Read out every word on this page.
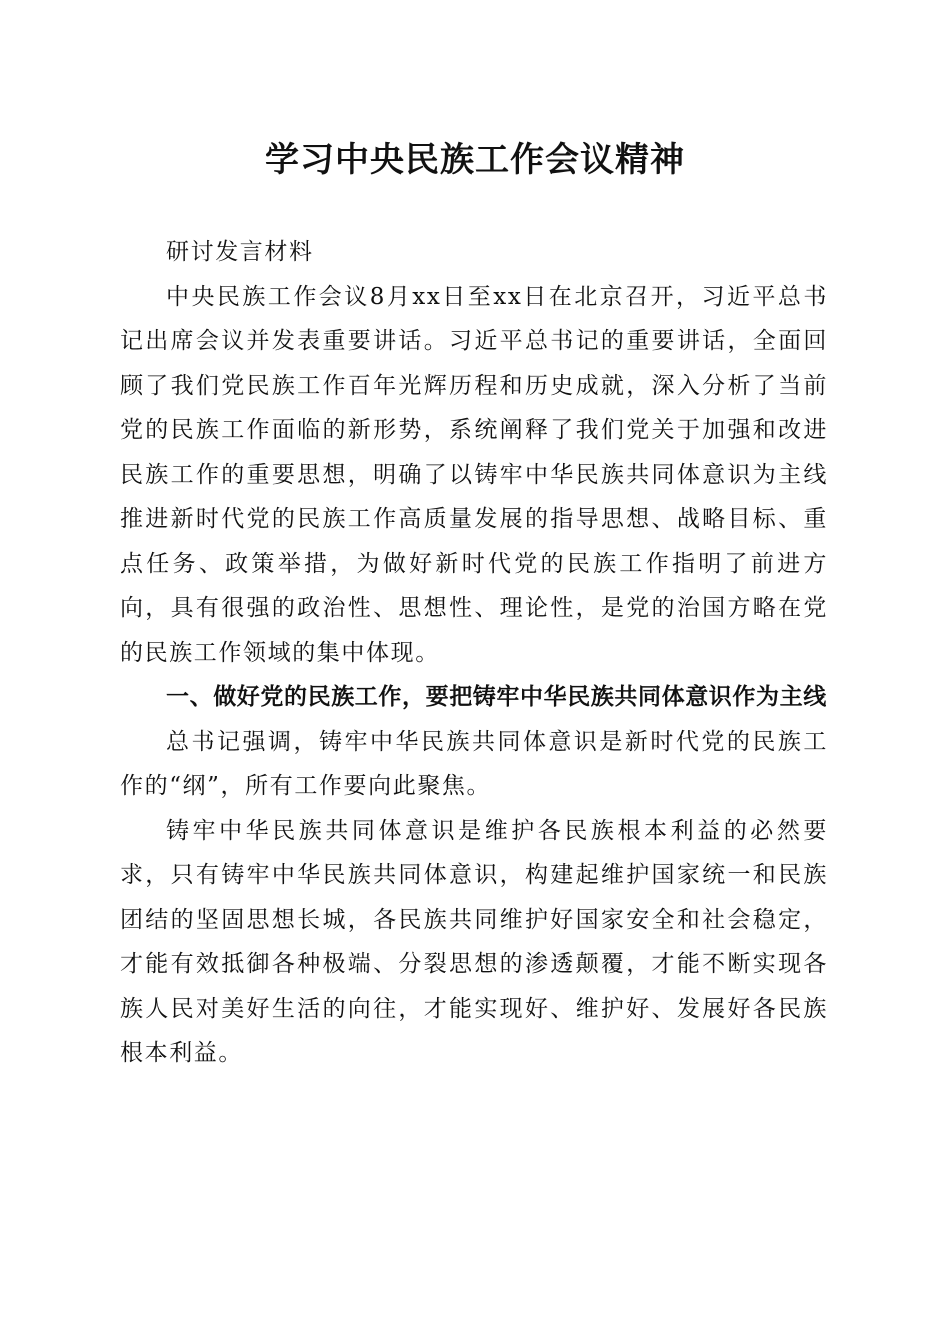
学习中央民族工作会议精神

研讨发言材料

中央民族工作会议8月xx日至xx日在北京召开，习近平总书记出席会议并发表重要讲话。习近平总书记的重要讲话，全面回顾了我们党民族工作百年光辉历程和历史成就，深入分析了当前党的民族工作面临的新形势，系统阐释了我们党关于加强和改进民族工作的重要思想，明确了以铸牢中华民族共同体意识为主线推进新时代党的民族工作高质量发展的指导思想、战略目标、重点任务、政策举措，为做好新时代党的民族工作指明了前进方向，具有很强的政治性、思想性、理论性，是党的治国方略在党的民族工作领域的集中体现。

一、做好党的民族工作，要把铸牢中华民族共同体意识作为主线

总书记强调，铸牢中华民族共同体意识是新时代党的民族工作的“纲”，所有工作要向此聚焦。

铸牢中华民族共同体意识是维护各民族根本利益的必然要求，只有铸牢中华民族共同体意识，构建起维护国家统一和民族团结的坚固思想长城，各民族共同维护好国家安全和社会稳定，才能有效抵御各种极端、分裂思想的渗透颠覆，才能不断实现各族人民对美好生活的向往，才能实现好、维护好、发展好各民族根本利益。
